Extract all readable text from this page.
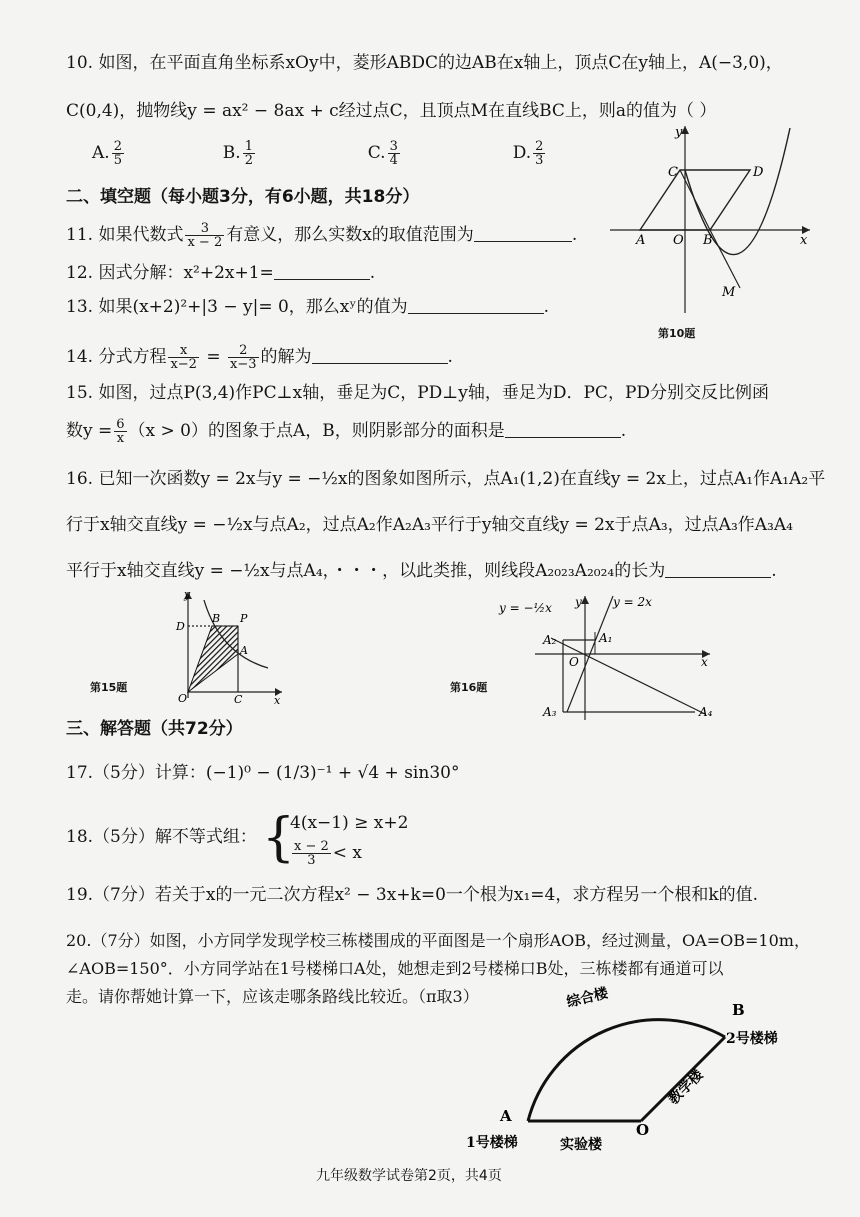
10. 如图，在平面直角坐标系xOy中，菱形ABDC的边AB在x轴上，顶点C在y轴上，A(−3,0)，
C(0,4)，抛物线y = ax² − 8ax + c经过点C，且顶点M在直线BC上，则a的值为（ ）
A. $\frac{2}{5}$	B. $\frac{1}{2}$	C. $\frac{3}{4}$	D. $\frac{2}{3}$
y
x
C	D
A O B
M
第10题
二、填空题（每小题3分，有6小题，共18分）
11. 如果代数式 $\frac{3}{x - 2}$ 有意义，那么实数x的取值范围为	.
12. 因式分解：x²+2x+1=	.
13. 如果(x+2)²+|3 − y|= 0，那么xʸ的值为	.
14. 分式方程 $\frac{x}{x-2} = \frac{2}{x-3}$ 的解为	.
15. 如图，过点P(3,4)作PC⊥x轴，垂足为C，PD⊥y轴，垂足为D．PC，PD分别交反比例函
数$y = \frac{6}{x} (x > 0)$的图象于点A，B，则阴影部分的面积是	.
16. 已知一次函数y = 2x与y = −½x的图象如图所示，点A₁(1,2)在直线y = 2x上，过点A₁作A₁A₂平
行于x轴交直线y = −½x与点A₂，过点A₂作A₂A₃平行于y轴交直线y = 2x于点A₃，过点A₃作A₃A₄
平行于x轴交直线y = −½x与点A₄，・・・，以此类推，则线段A₂₀₂₃A₂₀₂₄的长为	.
y
x
D
B P
A
O	C
第15题
y = −½x	y = 2x
y
x
O
A₁
A₂
A₃	A₄
第16题
三、解答题（共72分）
17.（5分）计算：(−1)⁰ − (1/3)⁻¹ + √4 + sin30°
18.（5分）解不等式组： {
4(x−1) ≥ x+2
$\frac{x - 2}{3} < x$
19.（7分）若关于x的一元二次方程x² − 3x+k=0一个根为x₁=4，求方程另一个根和k的值.
20.（7分）如图，小方同学发现学校三栋楼围成的平面图是一个扇形AOB，经过测量，OA=OB=10m，
∠AOB=150°．小方同学站在1号楼梯口A处，她想走到2号楼梯口B处，三栋楼都有通道可以
走。请你帮她计算一下，应该走哪条路线比较近。（π取3）	综合楼	B
2号楼梯
教学楼
A
1号楼梯	实验楼
O
九年级数学试卷第2页，共4页
